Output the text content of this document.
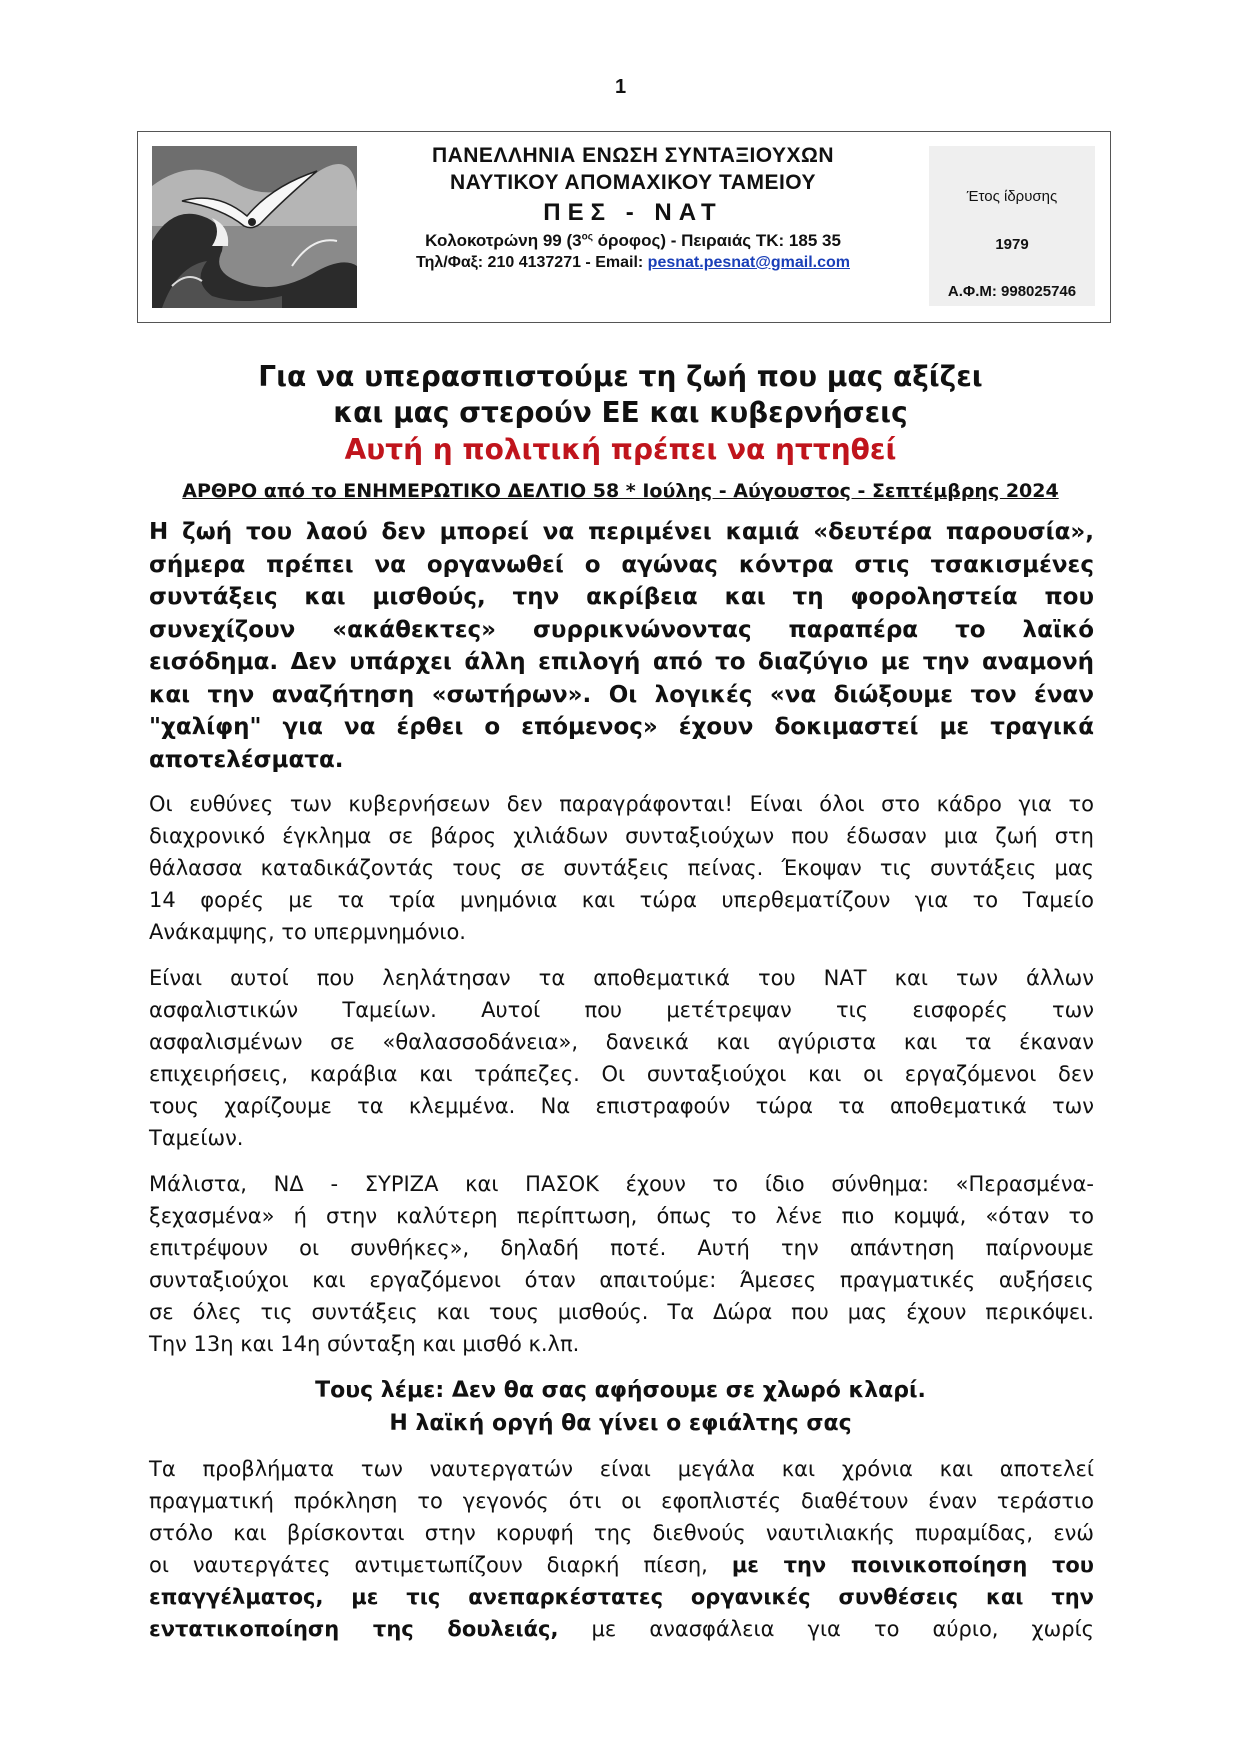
1
ΠΑΝΕΛΛΗΝΙΑ ΕΝΩΣΗ ΣΥΝΤΑΞΙΟΥΧΩΝ
ΝΑΥΤΙΚΟΥ ΑΠΟΜΑΧΙΚΟΥ ΤΑΜΕΙΟΥ
ΠΕΣ - ΝΑΤ
Κολοκοτρώνη 99 ($3^{o\varsigma}$ όροφος) - Πειραιάς ΤΚ: 185 35
Τηλ/Φαξ: 210 4137271 - Email: pesnat.pesnat@gmail.com
Έτος ίδρυσης
1979
Α.Φ.Μ: 998025746
Για να υπερασπιστούμε τη ζωή που μας αξίζει
και μας στερούν ΕΕ και κυβερνήσεις
Αυτή η πολιτική πρέπει να ηττηθεί
ΑΡΘΡΟ από το ΕΝΗΜΕΡΩΤΙΚΟ ΔΕΛΤΙΟ 58 * Ιούλης - Αύγουστος - Σεπτέμβρης 2024
Η ζωή του λαού δεν μπορεί να περιμένει καμιά «δευτέρα παρουσία»,
σήμερα πρέπει να οργανωθεί ο αγώνας κόντρα στις τσακισμένες
συντάξεις και μισθούς, την ακρίβεια και τη φοροληστεία που
συνεχίζουν «ακάθεκτες» συρρικνώνοντας παραπέρα το λαϊκό
εισόδημα. Δεν υπάρχει άλλη επιλογή από το διαζύγιο με την αναμονή
και την αναζήτηση «σωτήρων». Οι λογικές «να διώξουμε τον έναν
"χαλίφη" για να έρθει ο επόμενος» έχουν δοκιμαστεί με τραγικά
αποτελέσματα.
Οι ευθύνες των κυβερνήσεων δεν παραγράφονται! Είναι όλοι στο κάδρο για το
διαχρονικό έγκλημα σε βάρος χιλιάδων συνταξιούχων που έδωσαν μια ζωή στη
θάλασσα καταδικάζοντάς τους σε συντάξεις πείνας. Έκοψαν τις συντάξεις μας
14 φορές με τα τρία μνημόνια και τώρα υπερθεματίζουν για το Ταμείο
Ανάκαμψης, το υπερμνημόνιο.
Είναι αυτοί που λεηλάτησαν τα αποθεματικά του ΝΑΤ και των άλλων
ασφαλιστικών Ταμείων. Αυτοί που μετέτρεψαν τις εισφορές των
ασφαλισμένων σε «θαλασσοδάνεια», δανεικά και αγύριστα και τα έκαναν
επιχειρήσεις, καράβια και τράπεζες. Οι συνταξιούχοι και οι εργαζόμενοι δεν
τους χαρίζουμε τα κλεμμένα. Να επιστραφούν τώρα τα αποθεματικά των
Ταμείων.
Μάλιστα, ΝΔ - ΣΥΡΙΖΑ και ΠΑΣΟΚ έχουν το ίδιο σύνθημα: «Περασμένα-
ξεχασμένα» ή στην καλύτερη περίπτωση, όπως το λένε πιο κομψά, «όταν το
επιτρέψουν οι συνθήκες», δηλαδή ποτέ. Αυτή την απάντηση παίρνουμε
συνταξιούχοι και εργαζόμενοι όταν απαιτούμε: Άμεσες πραγματικές αυξήσεις
σε όλες τις συντάξεις και τους μισθούς. Τα Δώρα που μας έχουν περικόψει.
Την 13η και 14η σύνταξη και μισθό κ.λπ.
Τους λέμε: Δεν θα σας αφήσουμε σε χλωρό κλαρί.
Η λαϊκή οργή θα γίνει ο εφιάλτης σας
Τα προβλήματα των ναυτεργατών είναι μεγάλα και χρόνια και αποτελεί
πραγματική πρόκληση το γεγονός ότι οι εφοπλιστές διαθέτουν έναν τεράστιο
στόλο και βρίσκονται στην κορυφή της διεθνούς ναυτιλιακής πυραμίδας, ενώ
οι ναυτεργάτες αντιμετωπίζουν διαρκή πίεση, με την ποινικοποίηση του
επαγγέλματος, με τις ανεπαρκέστατες οργανικές συνθέσεις και την
εντατικοποίηση της δουλειάς, με ανασφάλεια για το αύριο, χωρίς
